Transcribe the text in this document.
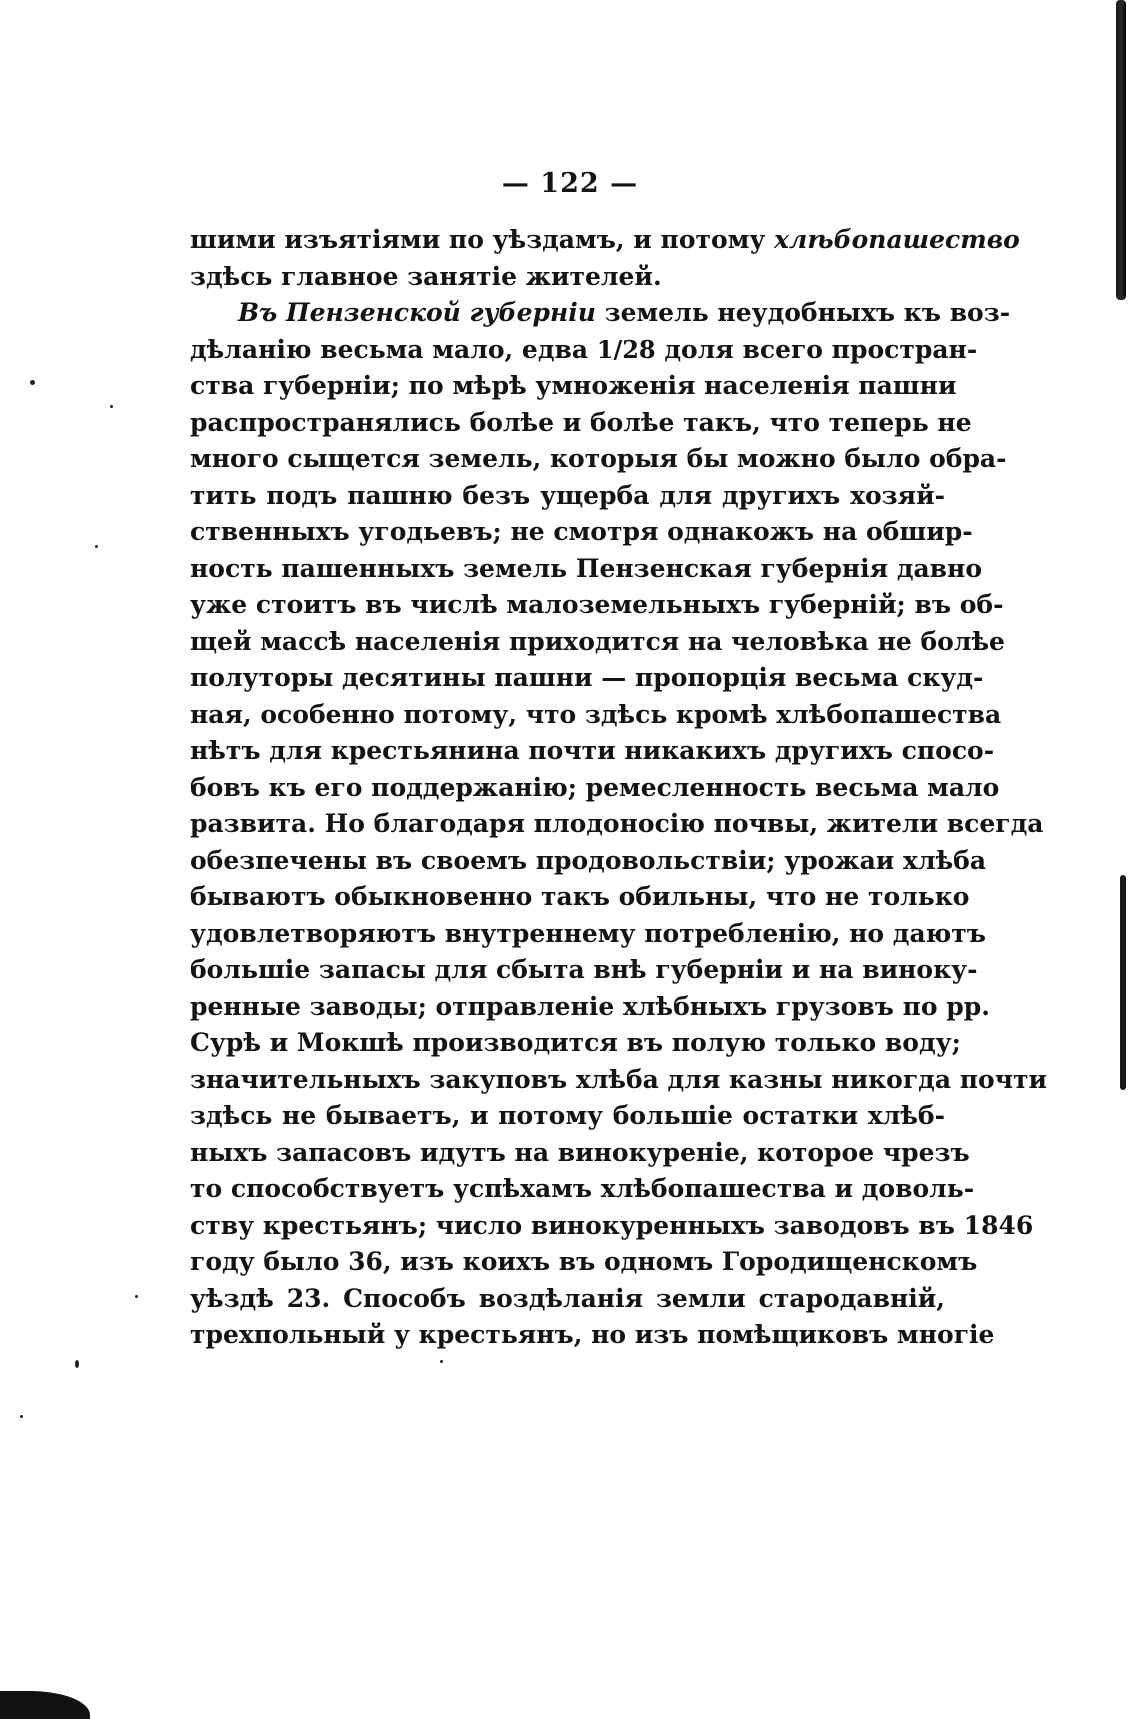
— 122 —
шими изъятіями по уѣздамъ, и потому хлѣбопашество
здѣсь главное занятіе жителей.
Въ Пензенской губерніи земель неудобныхъ къ воз-
дѣланію весьма мало, едва 1/28 доля всего простран-
ства губерніи; по мѣрѣ умноженія населенія пашни
распространялись болѣе и болѣе такъ, что теперь не
много сыщется земель, которыя бы можно было обра-
тить подъ пашню безъ ущерба для другихъ хозяй-
ственныхъ угодьевъ; не смотря однакожъ на обшир-
ность пашенныхъ земель Пензенская губернія давно
уже стоитъ въ числѣ малоземельныхъ губерній; въ об-
щей массѣ населенія приходится на человѣка не болѣе
полуторы десятины пашни — пропорція весьма скуд-
ная, особенно потому, что здѣсь кромѣ хлѣбопашества
нѣтъ для крестьянина почти никакихъ другихъ спосо-
бовъ къ его поддержанію; ремесленность весьма мало
развита. Но благодаря плодоносію почвы, жители всегда
обезпечены въ своемъ продовольствіи; урожаи хлѣба
бываютъ обыкновенно такъ обильны, что не только
удовлетворяютъ внутреннему потребленію, но даютъ
большіе запасы для сбыта внѣ губерніи и на виноку-
ренные заводы; отправленіе хлѣбныхъ грузовъ по рр.
Сурѣ и Мокшѣ производится въ полую только воду;
значительныхъ закуповъ хлѣба для казны никогда почти
здѣсь не бываетъ, и потому большіе остатки хлѣб-
ныхъ запасовъ идутъ на винокуреніе, которое чрезъ
то способствуетъ успѣхамъ хлѣбопашества и доволь-
ству крестьянъ; число винокуренныхъ заводовъ въ 1846
году было 36, изъ коихъ въ одномъ Городищенскомъ
уѣздѣ 23. Способъ воздѣланія земли стародавній,
трехпольный у крестьянъ, но изъ помѣщиковъ многіе
